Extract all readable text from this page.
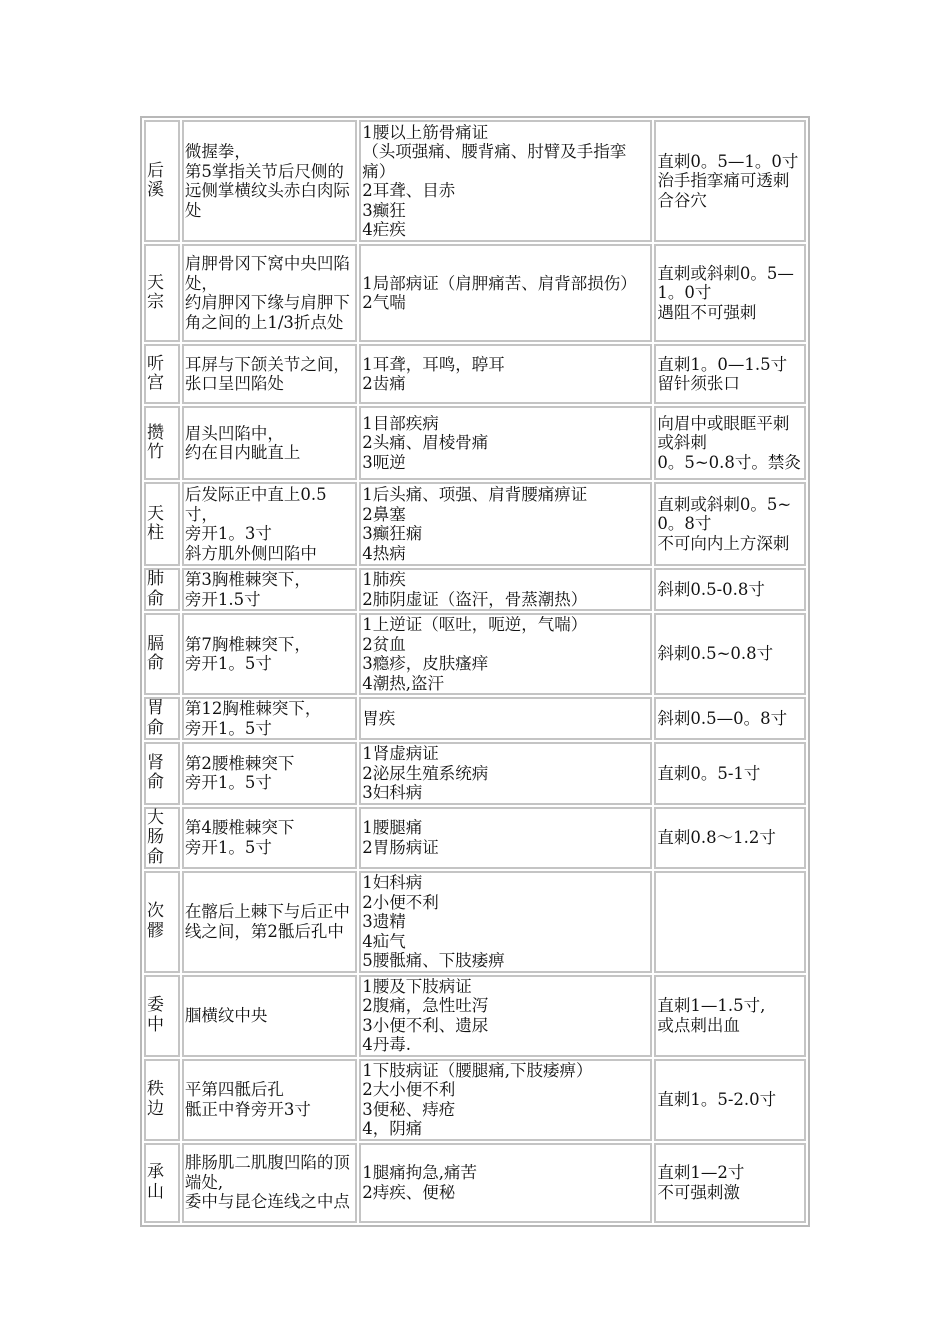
后
溪	微握拳，
第5掌指关节后尺侧的远侧掌横纹头赤白肉际处	1腰以上筋骨痛证
（头项强痛、腰背痛、肘臂及手指挛痛）
2耳聋、目赤
3癫狂
4疟疾	直刺0。5—1。0寸
治手指挛痛可透刺合谷穴

天
宗	肩胛骨冈下窝中央凹陷处，
约肩胛冈下缘与肩胛下角之间的上1/3折点处	1局部病证（肩胛痛苦、肩背部损伤）
2气喘	直刺或斜刺0。5—1。0寸
遇阻不可强刺

听
宫	耳屏与下颌关节之间，
张口呈凹陷处	1耳聋，耳鸣，聤耳
2齿痛	直刺1。0—1.5寸
留针须张口

攒
竹	眉头凹陷中，
约在目内眦直上	1目部疾病
2头痛、眉棱骨痛
3呃逆	向眉中或眼眶平刺或斜刺
0。5~0.8寸。禁灸

天
柱	后发际正中直上0.5寸，
旁开1。3寸
斜方肌外侧凹陷中	1后头痛、项强、肩背腰痛痹证
2鼻塞
3癫狂痫
4热病	直刺或斜刺0。5~0。8寸
不可向内上方深刺

肺
俞	第3胸椎棘突下，
旁开1.5寸	1肺疾
2肺阴虚证（盗汗，骨蒸潮热）	斜刺0.5-0.8寸

膈
俞	第7胸椎棘突下，
旁开1。5寸	1上逆证（呕吐，呃逆，气喘）
2贫血
3瘾疹，皮肤瘙痒
4潮热,盗汗	斜刺0.5~0.8寸

胃
俞	第12胸椎棘突下，
旁开1。5寸	胃疾	斜刺0.5—0。8寸

肾
俞	第2腰椎棘突下
旁开1。5寸	1肾虚病证
2泌尿生殖系统病
3妇科病	直刺0。5-1寸

大
肠
俞	第4腰椎棘突下
旁开1。5寸	1腰腿痛
2胃肠病证	直刺0.8～1.2寸

次
髎	在髂后上棘下与后正中线之间，第2骶后孔中	1妇科病
2小便不利
3遗精
4疝气
5腰骶痛、下肢痿痹	

委
中	腘横纹中央	1腰及下肢病证
2腹痛，急性吐泻
3小便不利、遗尿
4丹毒.	直刺1—1.5寸,
或点刺出血

秩
边	平第四骶后孔
骶正中脊旁开3寸	1下肢病证（腰腿痛,下肢痿痹）
2大小便不利
3便秘、痔疮
4，阴痛	直刺1。5-2.0寸

承
山	腓肠肌二肌腹凹陷的顶端处,
委中与昆仑连线之中点	1腿痛拘急,痛苦
2痔疾、便秘	直刺1—2寸
不可强刺激
